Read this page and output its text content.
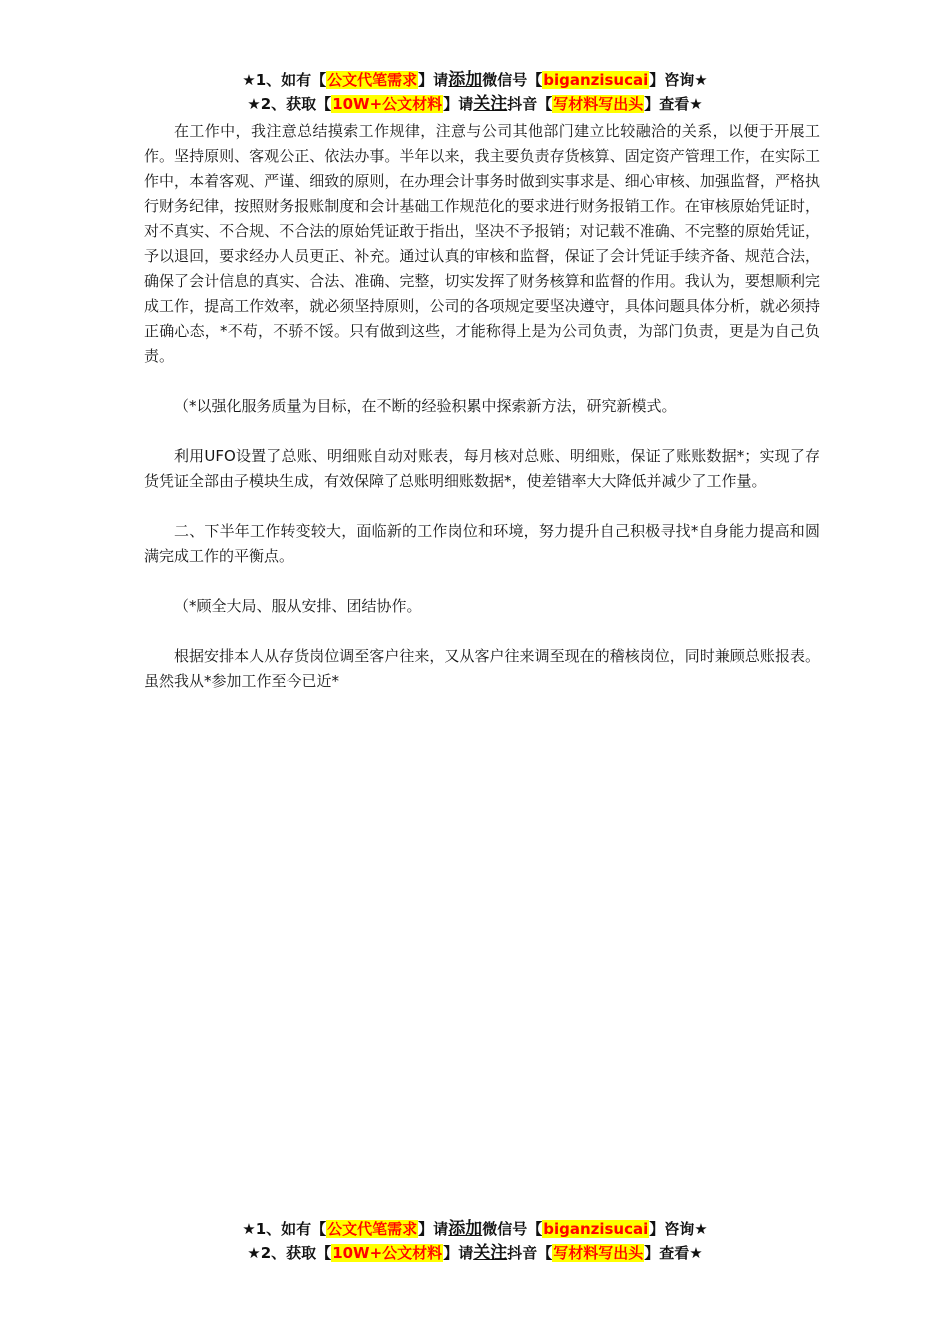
★1、如有【公文代笔需求】请添加微信号【biganzisucai】咨询★
★2、获取【10W+公文材料】请关注抖音【写材料写出头】查看★

在工作中，我注意总结摸索工作规律，注意与公司其他部门建立比较融洽的关系，以便于开展工作。坚持原则、客观公正、依法办事。半年以来，我主要负责存货核算、固定资产管理工作，在实际工作中，本着客观、严谨、细致的原则，在办理会计事务时做到实事求是、细心审核、加强监督，严格执行财务纪律，按照财务报账制度和会计基础工作规范化的要求进行财务报销工作。在审核原始凭证时，对不真实、不合规、不合法的原始凭证敢于指出，坚决不予报销；对记载不准确、不完整的原始凭证，予以退回，要求经办人员更正、补充。通过认真的审核和监督，保证了会计凭证手续齐备、规范合法，确保了会计信息的真实、合法、准确、完整，切实发挥了财务核算和监督的作用。我认为，要想顺利完成工作，提高工作效率，就必须坚持原则，公司的各项规定要坚决遵守，具体问题具体分析，就必须持正确心态，*不苟，不骄不馁。只有做到这些，才能称得上是为公司负责，为部门负责，更是为自己负责。

（*以强化服务质量为目标，在不断的经验积累中探索新方法，研究新模式。

利用UFO设置了总账、明细账自动对账表，每月核对总账、明细账，保证了账账数据*；实现了存货凭证全部由子模块生成，有效保障了总账明细账数据*，使差错率大大降低并减少了工作量。

二、下半年工作转变较大，面临新的工作岗位和环境，努力提升自己积极寻找*自身能力提高和圆满完成工作的平衡点。

（*顾全大局、服从安排、团结协作。

根据安排本人从存货岗位调至客户往来，又从客户往来调至现在的稽核岗位，同时兼顾总账报表。虽然我从*参加工作至今已近*

★1、如有【公文代笔需求】请添加微信号【biganzisucai】咨询★
★2、获取【10W+公文材料】请关注抖音【写材料写出头】查看★
